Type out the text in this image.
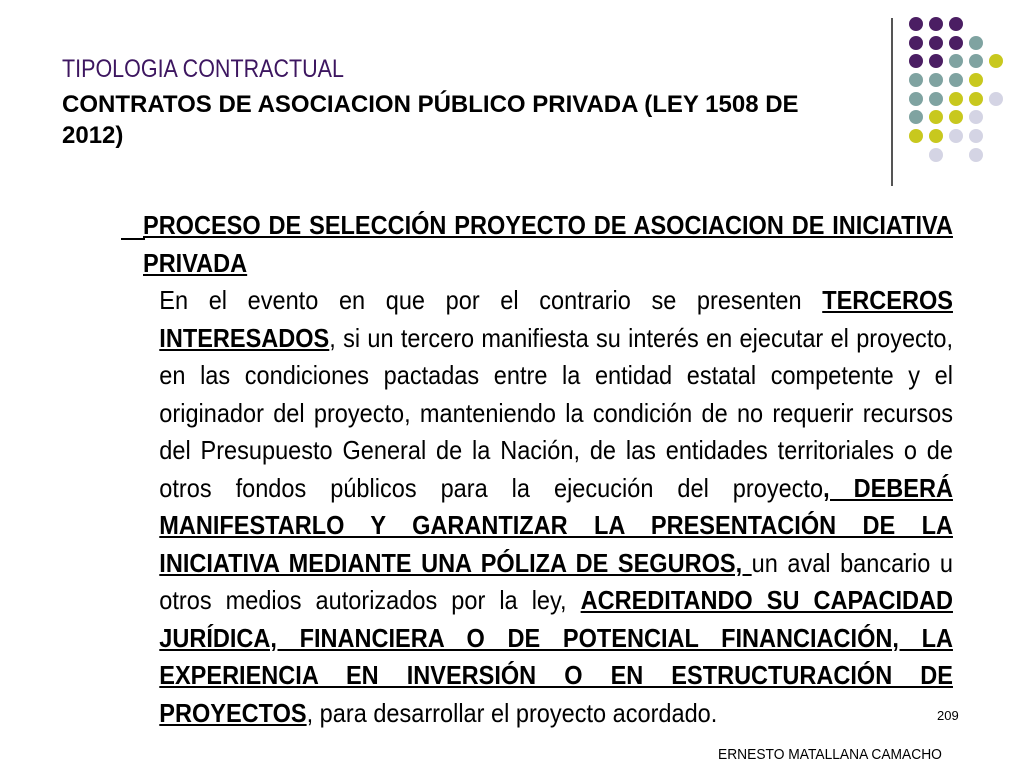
TIPOLOGIA CONTRACTUAL
CONTRATOS DE ASOCIACION PÚBLICO PRIVADA (LEY 1508 DE 2012)

PROCESO DE SELECCIÓN PROYECTO DE ASOCIACION DE INICIATIVA PRIVADA

En el evento en que por el contrario se presenten TERCEROS INTERESADOS, si un tercero manifiesta su interés en ejecutar el proyecto, en las condiciones pactadas entre la entidad estatal competente y el originador del proyecto, manteniendo la condición de no requerir recursos del Presupuesto General de la Nación, de las entidades territoriales o de otros fondos públicos para la ejecución del proyecto, DEBERÁ MANIFESTARLO Y GARANTIZAR LA PRESENTACIÓN DE LA INICIATIVA MEDIANTE UNA PÓLIZA DE SEGUROS, un aval bancario u otros medios autorizados por la ley, ACREDITANDO SU CAPACIDAD JURÍDICA, FINANCIERA O DE POTENCIAL FINANCIACIÓN, LA EXPERIENCIA EN INVERSIÓN O EN ESTRUCTURACIÓN DE PROYECTOS, para desarrollar el proyecto acordado.	209
ERNESTO MATALLANA CAMACHO
